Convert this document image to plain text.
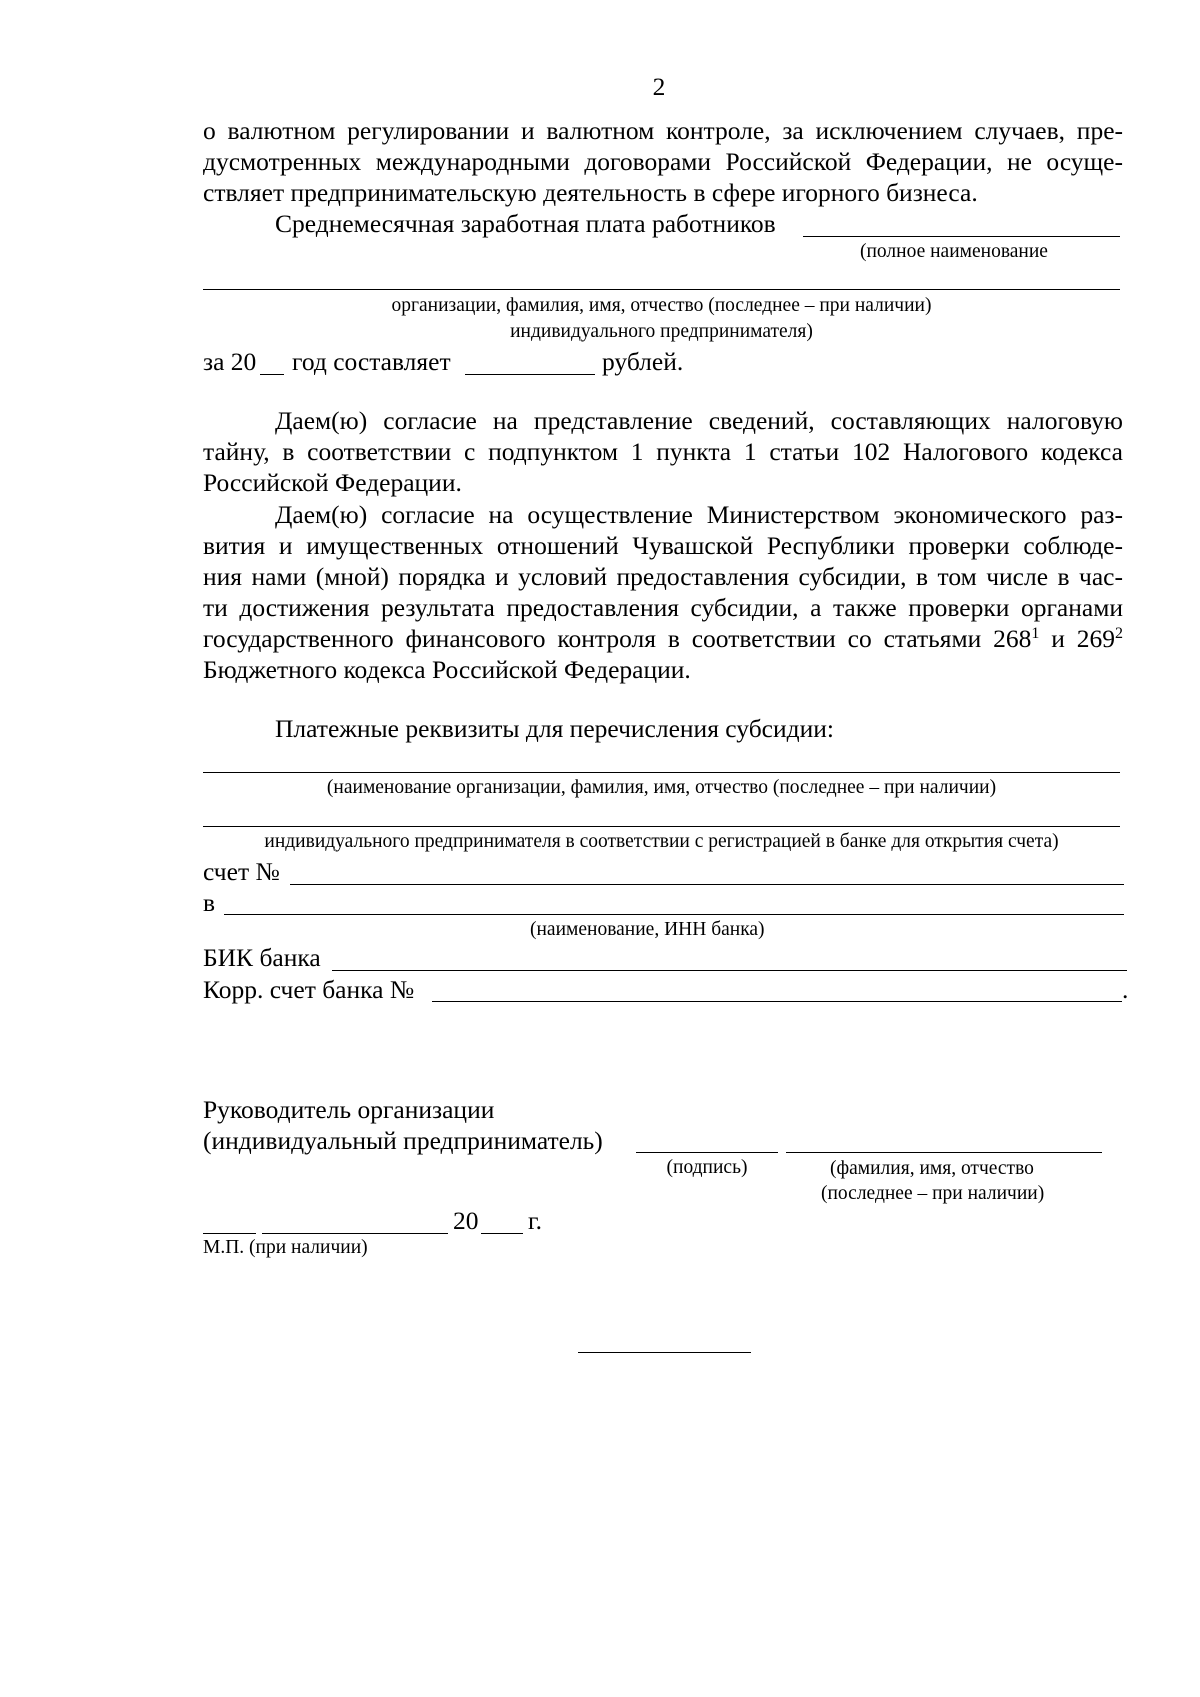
2
о валютном регулировании и валютном контроле, за исключением случаев, пре-
дусмотренных международными договорами Российской Федерации, не осуще-
ствляет предпринимательскую деятельность в сфере игорного бизнеса.
Среднемесячная заработная плата работников
(полное наименование
организации, фамилия, имя, отчество (последнее – при наличии)
индивидуального предпринимателя)
за 20 год составляет	рублей.
Даем(ю) согласие на представление сведений, составляющих налоговую
тайну, в соответствии с подпунктом 1 пункта 1 статьи 102 Налогового кодекса
Российской Федерации.
Даем(ю) согласие на осуществление Министерством экономического раз-
вития и имущественных отношений Чувашской Республики проверки соблюде-
ния нами (мной) порядка и условий предоставления субсидии, в том числе в час-
ти достижения результата предоставления субсидии, а также проверки органами
государственного финансового контроля в соответствии со статьями $268^1$ и $269^2$
Бюджетного кодекса Российской Федерации.
Платежные реквизиты для перечисления субсидии:
(наименование организации, фамилия, имя, отчество (последнее – при наличии)
индивидуального предпринимателя в соответствии с регистрацией в банке для открытия счета)
счет №
в
(наименование, ИНН банка)
БИК банка
Корр. счет банка №	.
Руководитель организации
(индивидуальный предприниматель)
(подпись)	(фамилия, имя, отчество
(последнее – при наличии)
20 г.
М.П. (при наличии)
